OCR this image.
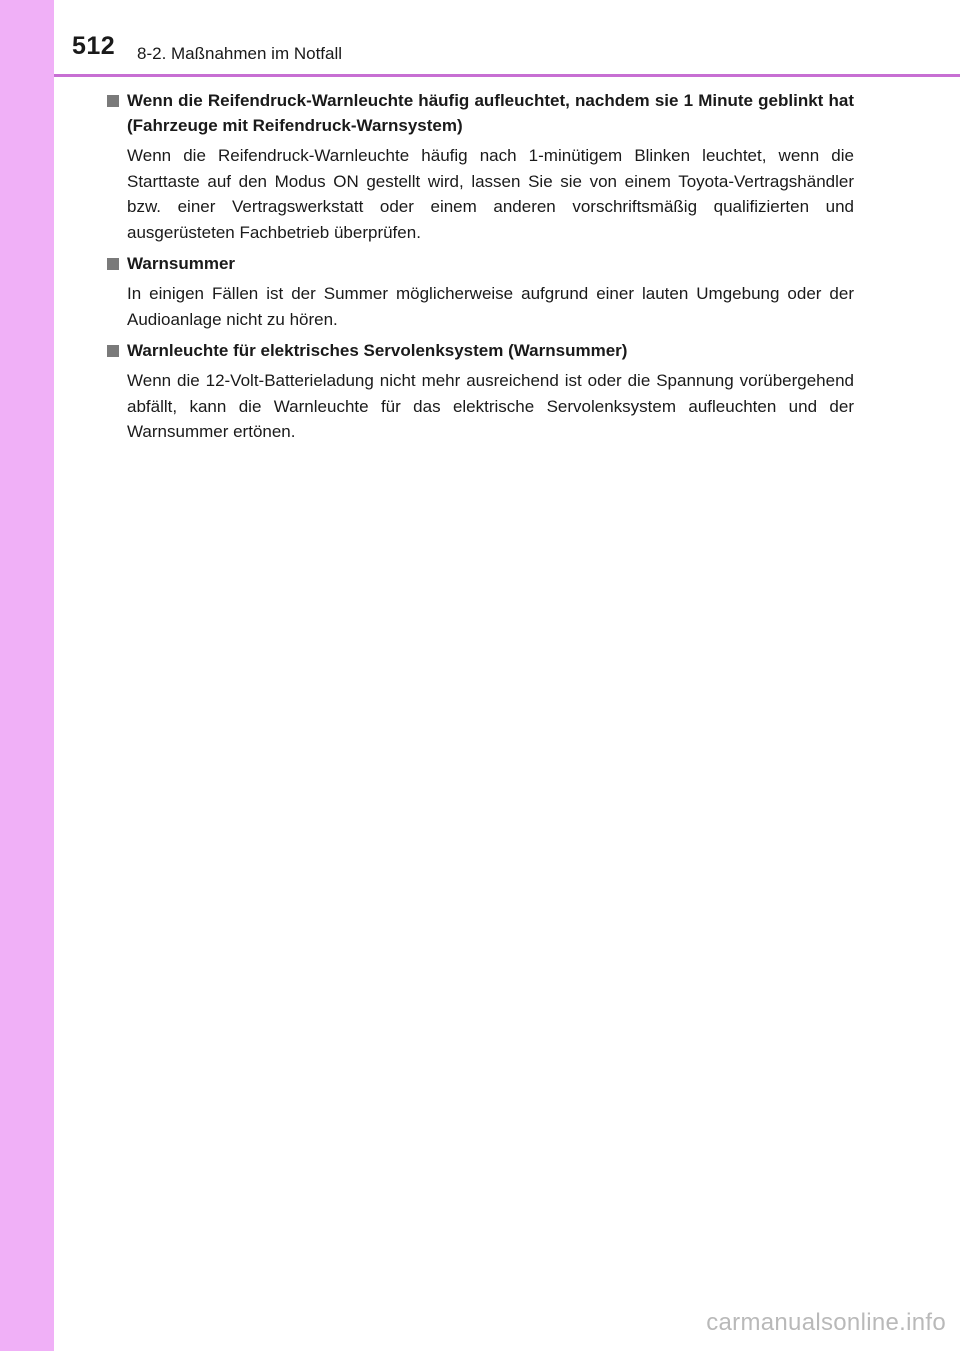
512 8-2. Maßnahmen im Notfall
Wenn die Reifendruck-Warnleuchte häufig aufleuchtet, nachdem sie 1 Minute geblinkt hat (Fahrzeuge mit Reifendruck-Warnsystem)

Wenn die Reifendruck-Warnleuchte häufig nach 1-minütigem Blinken leuchtet, wenn die Starttaste auf den Modus ON gestellt wird, lassen Sie sie von einem Toyota-Vertragshändler bzw. einer Vertragswerkstatt oder einem anderen vorschriftsmäßig qualifizierten und ausgerüsteten Fachbetrieb überprüfen.

Warnsummer

In einigen Fällen ist der Summer möglicherweise aufgrund einer lauten Umgebung oder der Audioanlage nicht zu hören.

Warnleuchte für elektrisches Servolenksystem (Warnsummer)

Wenn die 12-Volt-Batterieladung nicht mehr ausreichend ist oder die Spannung vorübergehend abfällt, kann die Warnleuchte für das elektrische Servolenksystem aufleuchten und der Warnsummer ertönen.

carmanualsonline.info
